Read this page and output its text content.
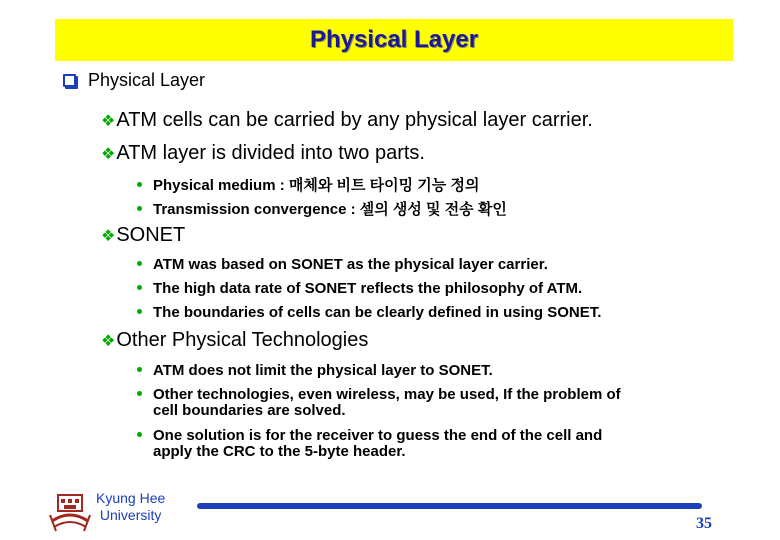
Physical Layer
Physical Layer
❖ ATM cells can be carried by any physical layer carrier.
❖ ATM layer is divided into two parts.
Physical medium : 매체와 비트 타이밍 기능 정의
Transmission convergence : 셀의 생성 및 전송 확인
❖ SONET
ATM was based on SONET as the physical layer carrier.
The high data rate of SONET reflects the philosophy of ATM.
The boundaries of cells can be clearly defined in using SONET.
❖ Other Physical Technologies
ATM does not limit the physical layer to SONET.
Other technologies, even wireless, may be used, If the problem of
cell boundaries are solved.
One solution is for the receiver to guess the end of the cell and
apply the CRC to the 5-byte header.
Kyung Hee
University	35
